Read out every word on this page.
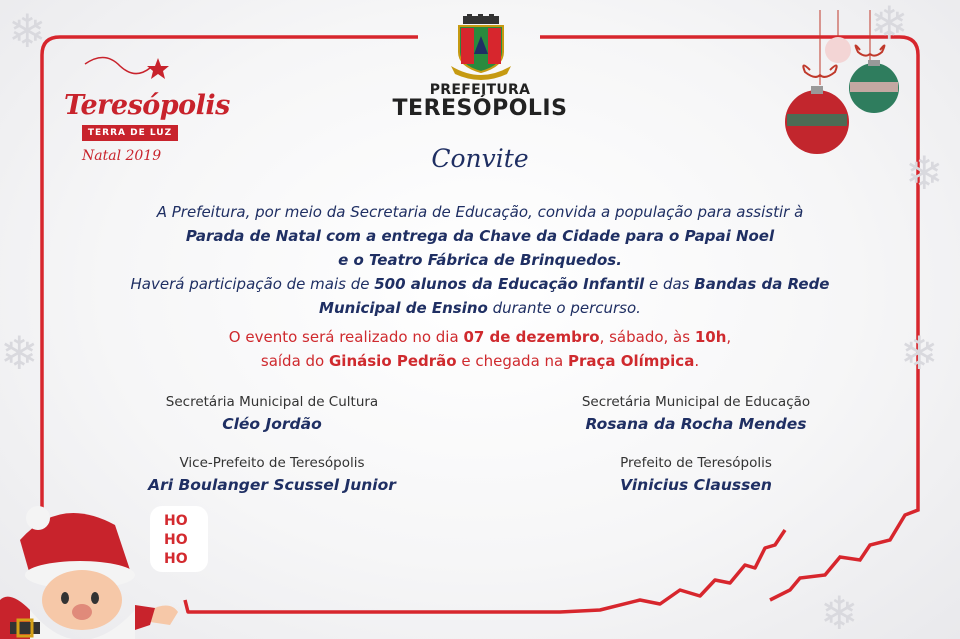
❄	❄
❄
❄
❄
❄
Teresópolis
TERRA DE LUZ
Natal 2019
PREFEITURA
TERESÓPOLIS
Convite
A Prefeitura, por meio da Secretaria de Educação, convida a população para assistir à
Parada de Natal com a entrega da Chave da Cidade para o Papai Noel
e o Teatro Fábrica de Brinquedos.
Haverá participação de mais de 500 alunos da Educação Infantil e das Bandas da Rede
Municipal de Ensino durante o percurso.
O evento será realizado no dia 07 de dezembro, sábado, às 10h,
saída do Ginásio Pedrão e chegada na Praça Olímpica.
Secretária Municipal de Cultura
Cléo Jordão
Secretária Municipal de Educação
Rosana da Rocha Mendes
Vice-Prefeito de Teresópolis
Ari Boulanger Scussel Junior
Prefeito de Teresópolis
Vinicius Claussen
HO
HO
HO
